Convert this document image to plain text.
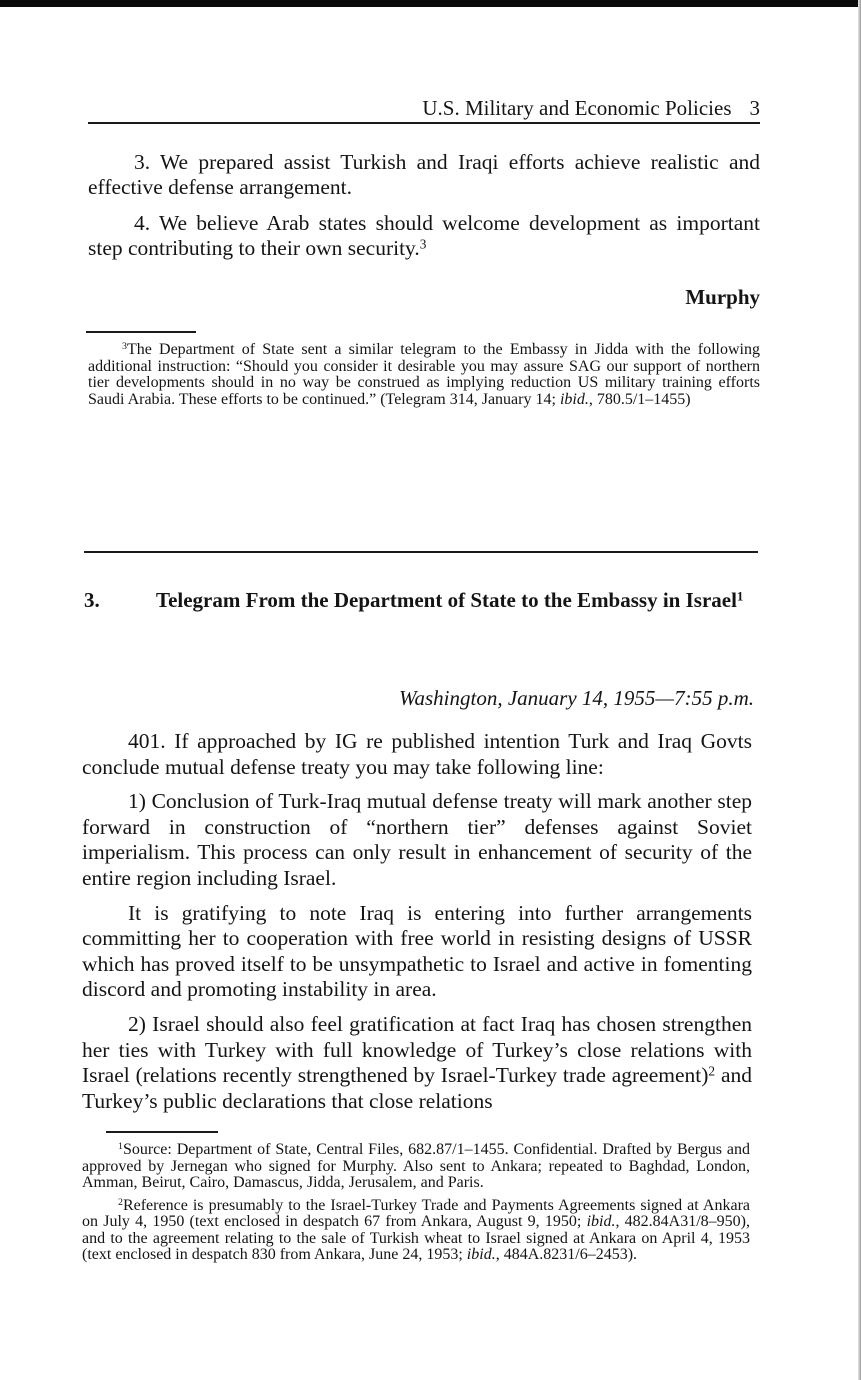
U.S. Military and Economic Policies 3

3. We prepared assist Turkish and Iraqi efforts achieve realistic and effective defense arrangement.

4. We believe Arab states should welcome development as important step contributing to their own security.$^3$

Murphy

$^3$The Department of State sent a similar telegram to the Embassy in Jidda with the following additional instruction: “Should you consider it desirable you may assure SAG our support of northern tier developments should in no way be construed as implying reduction US military training efforts Saudi Arabia. These efforts to be continued.” (Telegram 314, January 14; ibid., 780.5/1–1455)

3.	Telegram From the Department of State to the Embassy in Israel$^1$

Washington, January 14, 1955—7:55 p.m.

401. If approached by IG re published intention Turk and Iraq Govts conclude mutual defense treaty you may take following line:

1) Conclusion of Turk-Iraq mutual defense treaty will mark another step forward in construction of “northern tier” defenses against Soviet imperialism. This process can only result in enhancement of security of the entire region including Israel.

It is gratifying to note Iraq is entering into further arrangements committing her to cooperation with free world in resisting designs of USSR which has proved itself to be unsympathetic to Israel and active in fomenting discord and promoting instability in area.

2) Israel should also feel gratification at fact Iraq has chosen strengthen her ties with Turkey with full knowledge of Turkey’s close relations with Israel (relations recently strengthened by Israel-Turkey trade agreement)$^2$ and Turkey’s public declarations that close relations

$^1$Source: Department of State, Central Files, 682.87/1–1455. Confidential. Drafted by Bergus and approved by Jernegan who signed for Murphy. Also sent to Ankara; repeated to Baghdad, London, Amman, Beirut, Cairo, Damascus, Jidda, Jerusalem, and Paris.

$^2$Reference is presumably to the Israel-Turkey Trade and Payments Agreements signed at Ankara on July 4, 1950 (text enclosed in despatch 67 from Ankara, August 9, 1950; ibid., 482.84A31/8–950), and to the agreement relating to the sale of Turkish wheat to Israel signed at Ankara on April 4, 1953 (text enclosed in despatch 830 from Ankara, June 24, 1953; ibid., 484A.8231/6–2453).
